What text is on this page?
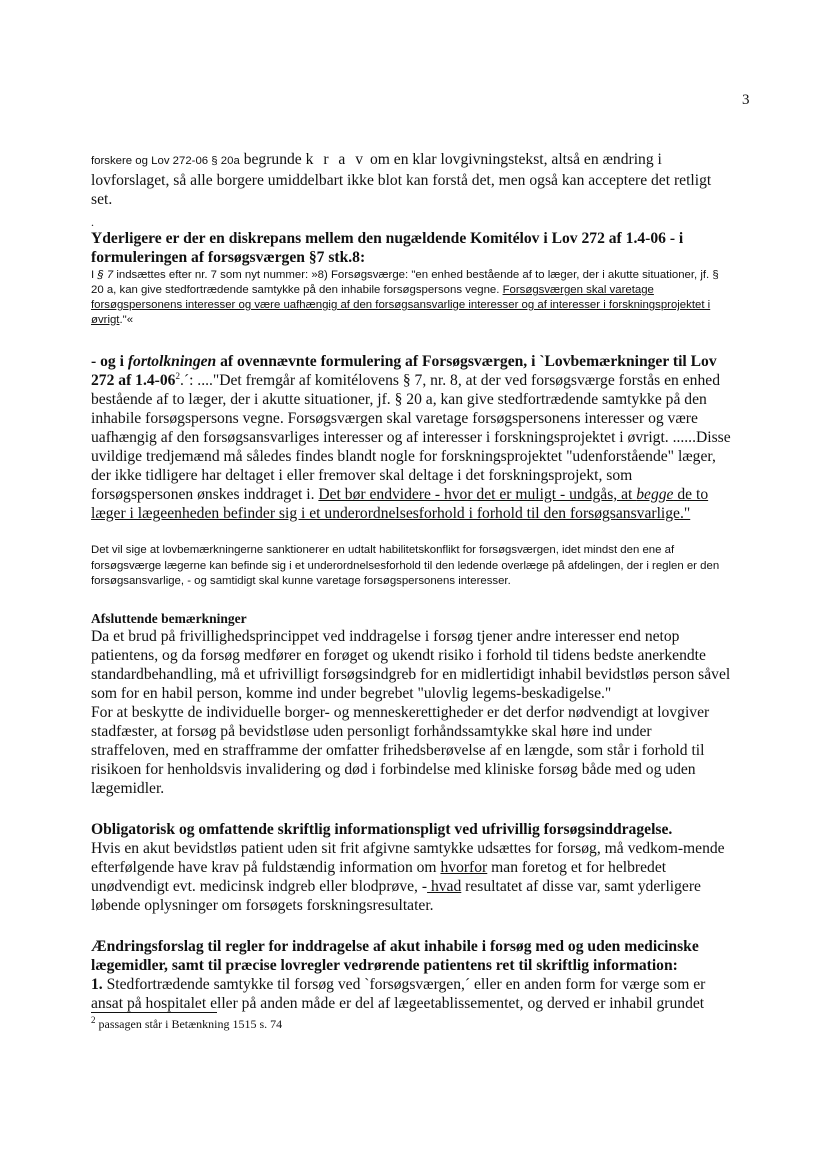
3

forskere og Lov 272-06 § 20a begrunde k r a v om en klar lovgivningstekst, altså en ændring i lovforslaget, så alle borgere umiddelbart ikke blot kan forstå det, men også kan acceptere det retligt set.

.

Yderligere er der en diskrepans mellem den nugældende Komitélov i Lov 272 af 1.4-06 - i formuleringen af forsøgsværgen §7 stk.8:

I § 7 indsættes efter nr. 7 som nyt nummer: »8) Forsøgsværge: "en enhed bestående af to læger, der i akutte situationer, jf. § 20 a, kan give stedfortrædende samtykke på den inhabile forsøgspersons vegne. Forsøgsværgen skal varetage forsøgspersonens interesser og være uafhængig af den forsøgsansvarlige interesser og af interesser i forskningsprojektet i øvrigt."«

- og i fortolkningen af ovennævnte formulering af Forsøgsværgen, i `Lovbemærkninger til Lov 272 af $1.4-06^2.´$: ...."Det fremgår af komitélovens § 7, nr. 8, at der ved forsøgsværge forstås en enhed bestående af to læger, der i akutte situationer, jf. § 20 a, kan give stedfortrædende samtykke på den inhabile forsøgspersons vegne. Forsøgsværgen skal varetage forsøgspersonens interesser og være uafhængig af den forsøgsansvarliges interesser og af interesser i forskningsprojektet i øvrigt. ......Disse uvildige tredjemænd må således findes blandt nogle for forskningsprojektet "udenforstående" læger, der ikke tidligere har deltaget i eller fremover skal deltage i det forskningsprojekt, som forsøgspersonen ønskes inddraget i. Det bør endvidere - hvor det er muligt - undgås, at begge de to læger i lægeenheden befinder sig i et underordnelsesforhold i forhold til den forsøgsansvarlige."

Det vil sige at lovbemærkningerne sanktionerer en udtalt habilitetskonflikt for forsøgsværgen, idet mindst den ene af forsøgsværge lægerne kan befinde sig i et underordnelsesforhold til den ledende overlæge på afdelingen, der i reglen er den forsøgsansvarlige, - og samtidigt skal kunne varetage forsøgspersonens interesser.

Afsluttende bemærkninger

Da et brud på frivillighedsprincippet ved inddragelse i forsøg tjener andre interesser end netop patientens, og da forsøg medfører en forøget og ukendt risiko i forhold til tidens bedste anerkendte standardbehandling, må et ufrivilligt forsøgsindgreb for en midlertidigt inhabil bevidstløs person såvel som for en habil person, komme ind under begrebet "ulovlig legems-beskadigelse."

For at beskytte de individuelle borger- og menneskerettigheder er det derfor nødvendigt at lovgiver stadfæster, at forsøg på bevidstløse uden personligt forhåndssamtykke skal høre ind under straffeloven, med en strafframme der omfatter frihedsberøvelse af en længde, som står i forhold til risikoen for henholdsvis invalidering og død i forbindelse med kliniske forsøg både med og uden lægemidler.

Obligatorisk og omfattende skriftlig informationspligt ved ufrivillig forsøgsinddragelse.

Hvis en akut bevidstløs patient uden sit frit afgivne samtykke udsættes for forsøg, må vedkom-mende efterfølgende have krav på fuldstændig information om hvorfor man foretog et for helbredet unødvendigt evt. medicinsk indgreb eller blodprøve, - hvad resultatet af disse var, samt yderligere løbende oplysninger om forsøgets forskningsresultater.

Ændringsforslag til regler for inddragelse af akut inhabile i forsøg med og uden medicinske lægemidler, samt til præcise lovregler vedrørende patientens ret til skriftlig information:

1. Stedfortrædende samtykke til forsøg ved `forsøgsværgen,´ eller en anden form for værge som er ansat på hospitalet eller på anden måde er del af lægeetablissementet, og derved er inhabil grundet

$^2$ passagen står i Betænkning 1515 s. 74
